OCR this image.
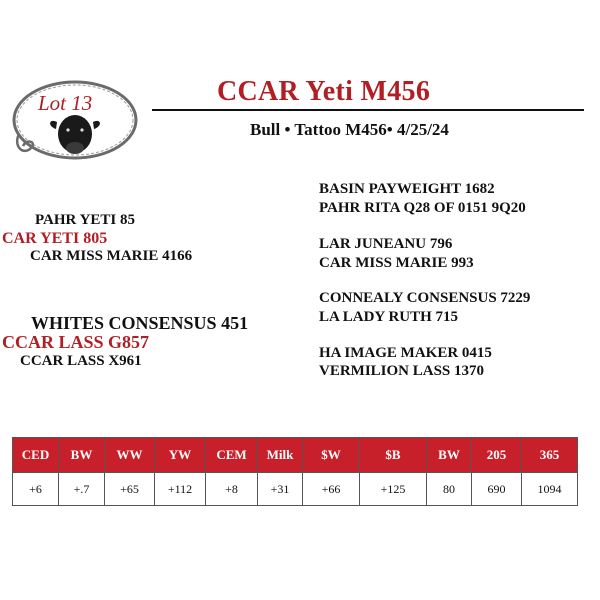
Lot 13	CCAR Yeti M456
Bull • Tattoo M456• 4/25/24
PAHR YETI 85
CAR YETI 805
CAR MISS MARIE 4166
WHITES CONSENSUS 451
CCAR LASS G857
CCAR LASS X961
BASIN PAYWEIGHT 1682
PAHR RITA Q28 OF 0151 9Q20
LAR JUNEANU 796
CAR MISS MARIE 993
CONNEALY CONSENSUS 7229
LA LADY RUTH 715
HA IMAGE MAKER 0415
VERMILION LASS 1370
CED	BW	WW	YW	CEM	Milk	$W	$B	BW	205	365
+6	+.7	+65	+112	+8	+31	+66	+125	80	690	1094
